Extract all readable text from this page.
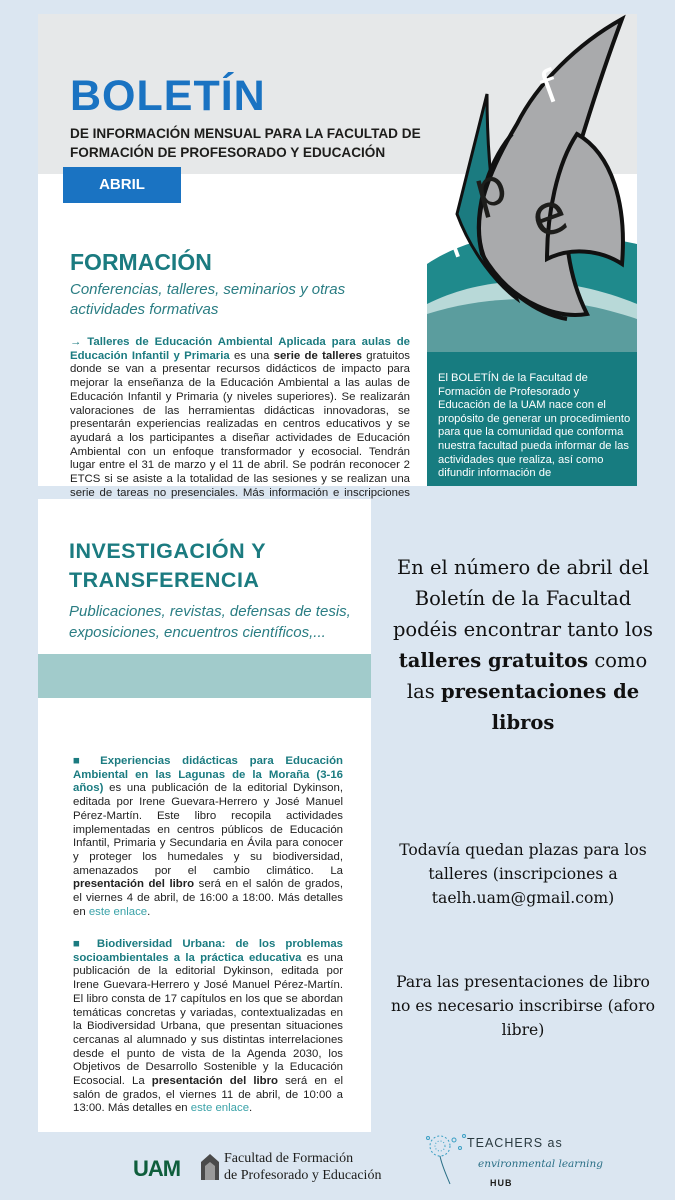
BOLETÍN
DE INFORMACIÓN MENSUAL PARA LA FACULTAD DE FORMACIÓN DE PROFESORADO Y EDUCACIÓN
ABRIL
FORMACIÓN
Conferencias, talleres, seminarios y otras actividades formativas

→ Talleres de Educación Ambiental Aplicada para aulas de Educación Infantil y Primaria es una serie de talleres gratuitos donde se van a presentar recursos didácticos de impacto para mejorar la enseñanza de la Educación Ambiental a las aulas de Educación Infantil y Primaria (y niveles superiores). Se realizarán valoraciones de las herramientas didácticas innovadoras, se presentarán experiencias realizadas en centros educativos y se ayudará a los participantes a diseñar actividades de Educación Ambiental con un enfoque transformador y ecosocial. Tendrán lugar entre el 31 de marzo y el 11 de abril. Se podrán reconocer 2 ETCS si se asiste a la totalidad de las sesiones y se realizan una serie de tareas no presenciales. Más información e inscripciones

f
p
f e
El BOLETÍN de la Facultad de Formación de Profesorado y Educación de la UAM nace con el propósito de generar un procedimiento para que la comunidad que conforma nuestra facultad pueda informar de las actividades que realiza, así como difundir información de
INVESTIGACIÓN Y TRANSFERENCIA
Publicaciones, revistas, defensas de tesis, exposiciones, encuentros científicos,...

■ Experiencias didácticas para Educación Ambiental en las Lagunas de la Moraña (3-16 años) es una publicación de la editorial Dykinson, editada por Irene Guevara-Herrero y José Manuel Pérez-Martín. Este libro recopila actividades implementadas en centros públicos de Educación Infantil, Primaria y Secundaria en Ávila para conocer y proteger los humedales y su biodiversidad, amenazados por el cambio climático. La presentación del libro será en el salón de grados, el viernes 4 de abril, de 16:00 a 18:00. Más detalles en este enlace.

■ Biodiversidad Urbana: de los problemas socioambientales a la práctica educativa es una publicación de la editorial Dykinson, editada por Irene Guevara-Herrero y José Manuel Pérez-Martín. El libro consta de 17 capítulos en los que se abordan temáticas concretas y variadas, contextualizadas en la Biodiversidad Urbana, que presentan situaciones cercanas al alumnado y sus distintas interrelaciones desde el punto de vista de la Agenda 2030, los Objetivos de Desarrollo Sostenible y la Educación Ecosocial. La presentación del libro será en el salón de grados, el viernes 11 de abril, de 10:00 a 13:00. Más detalles en este enlace.

En el número de abril del Boletín de la Facultad podéis encontrar tanto los talleres gratuitos como las presentaciones de libros
Todavía quedan plazas para los talleres (inscripciones a taelh.uam@gmail.com)
Para las presentaciones de libro no es necesario inscribirse (aforo libre)
UAM	Facultad de Formación
de Profesorado y Educación
TEACHERS as
environmental learning
HUB
